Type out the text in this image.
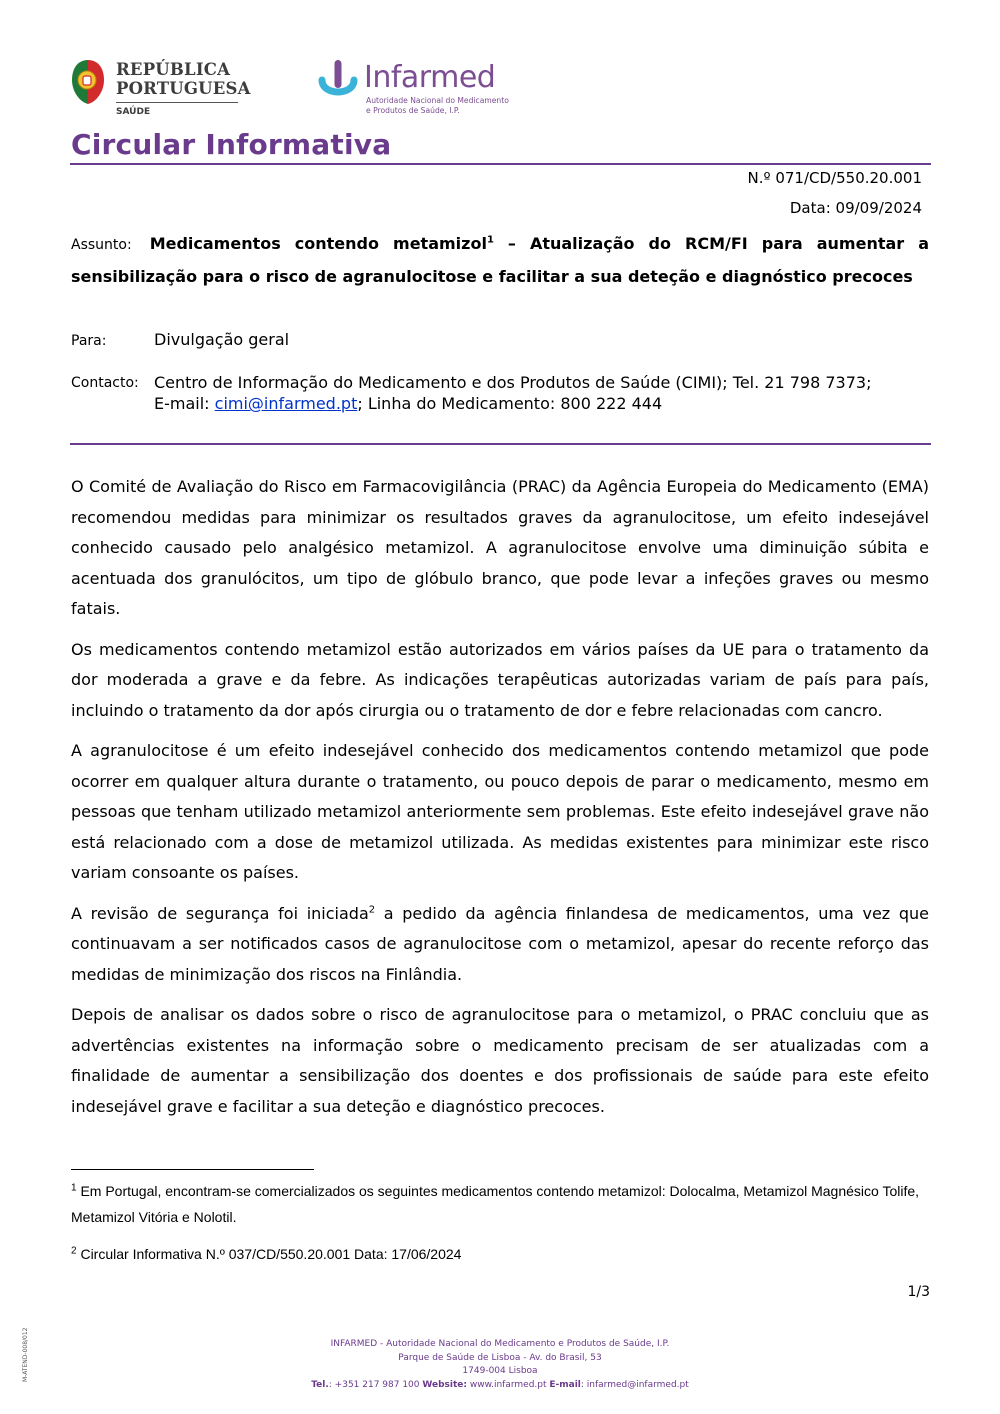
REPÚBLICA
PORTUGUESA
SAÚDE
Infarmed
Autoridade Nacional do Medicamento
e Produtos de Saúde, I.P.
Circular Informativa
N.º 071/CD/550.20.001
Data: 09/09/2024
Assunto: Medicamentos contendo metamizol$^1$ – Atualização do RCM/FI para aumentar a sensibilização para o risco de agranulocitose e facilitar a sua deteção e diagnóstico precoces
Para:	Divulgação geral
Contacto: Centro de Informação do Medicamento e dos Produtos de Saúde (CIMI); Tel. 21 798 7373;
E-mail: cimi@infarmed.pt; Linha do Medicamento: 800 222 444

O Comité de Avaliação do Risco em Farmacovigilância (PRAC) da Agência Europeia do Medicamento (EMA) recomendou medidas para minimizar os resultados graves da agranulocitose, um efeito indesejável conhecido causado pelo analgésico metamizol. A agranulocitose envolve uma diminuição súbita e acentuada dos granulócitos, um tipo de glóbulo branco, que pode levar a infeções graves ou mesmo fatais.

Os medicamentos contendo metamizol estão autorizados em vários países da UE para o tratamento da dor moderada a grave e da febre. As indicações terapêuticas autorizadas variam de país para país, incluindo o tratamento da dor após cirurgia ou o tratamento de dor e febre relacionadas com cancro.

A agranulocitose é um efeito indesejável conhecido dos medicamentos contendo metamizol que pode ocorrer em qualquer altura durante o tratamento, ou pouco depois de parar o medicamento, mesmo em pessoas que tenham utilizado metamizol anteriormente sem problemas. Este efeito indesejável grave não está relacionado com a dose de metamizol utilizada. As medidas existentes para minimizar este risco variam consoante os países.

A revisão de segurança foi iniciada$^2$ a pedido da agência finlandesa de medicamentos, uma vez que continuavam a ser notificados casos de agranulocitose com o metamizol, apesar do recente reforço das medidas de minimização dos riscos na Finlândia.

Depois de analisar os dados sobre o risco de agranulocitose para o metamizol, o PRAC concluiu que as advertências existentes na informação sobre o medicamento precisam de ser atualizadas com a finalidade de aumentar a sensibilização dos doentes e dos profissionais de saúde para este efeito indesejável grave e facilitar a sua deteção e diagnóstico precoces.

$^1$ Em Portugal, encontram-se comercializados os seguintes medicamentos contendo metamizol: Dolocalma, Metamizol Magnésico Tolife, Metamizol Vitória e Nolotil.
$^2$ Circular Informativa N.º 037/CD/550.20.001 Data: 17/06/2024
1/3
M-ATEND-008/012	INFARMED - Autoridade Nacional do Medicamento e Produtos de Saúde, I.P.
Parque de Saúde de Lisboa - Av. do Brasil, 53
1749-004 Lisboa
Tel.: +351 217 987 100 Website: www.infarmed.pt E-mail: infarmed@infarmed.pt
